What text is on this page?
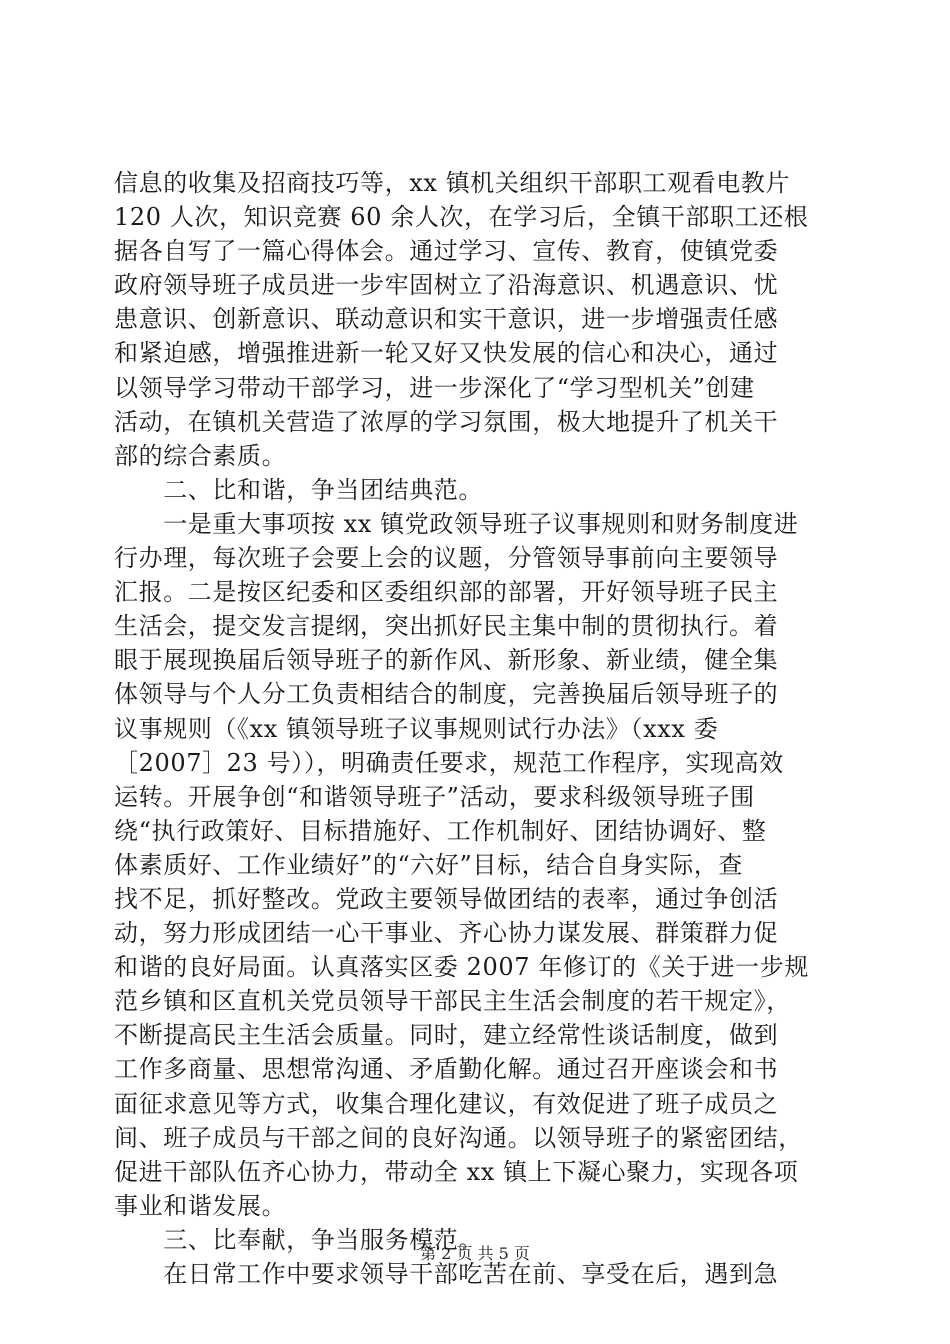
信息的收集及招商技巧等，xx 镇机关组织干部职工观看电教片
120 人次，知识竞赛 60 余人次，在学习后，全镇干部职工还根
据各自写了一篇心得体会。通过学习、宣传、教育，使镇党委
政府领导班子成员进一步牢固树立了沿海意识、机遇意识、忧
患意识、创新意识、联动意识和实干意识，进一步增强责任感
和紧迫感，增强推进新一轮又好又快发展的信心和决心，通过
以领导学习带动干部学习，进一步深化了“学习型机关”创建
活动，在镇机关营造了浓厚的学习氛围，极大地提升了机关干
部的综合素质。
　　二、比和谐，争当团结典范。
　　一是重大事项按 xx 镇党政领导班子议事规则和财务制度进
行办理，每次班子会要上会的议题，分管领导事前向主要领导
汇报。二是按区纪委和区委组织部的部署，开好领导班子民主
生活会，提交发言提纲，突出抓好民主集中制的贯彻执行。着
眼于展现换届后领导班子的新作风、新形象、新业绩，健全集
体领导与个人分工负责相结合的制度，完善换届后领导班子的
议事规则（《xx 镇领导班子议事规则试行办法》（xxx 委
［2007］23 号）），明确责任要求，规范工作程序，实现高效
运转。开展争创“和谐领导班子”活动，要求科级领导班子围
绕“执行政策好、目标措施好、工作机制好、团结协调好、整
体素质好、工作业绩好”的“六好”目标，结合自身实际，查
找不足，抓好整改。党政主要领导做团结的表率，通过争创活
动，努力形成团结一心干事业、齐心协力谋发展、群策群力促
和谐的良好局面。认真落实区委 2007 年修订的《关于进一步规
范乡镇和区直机关党员领导干部民主生活会制度的若干规定》，
不断提高民主生活会质量。同时，建立经常性谈话制度，做到
工作多商量、思想常沟通、矛盾勤化解。通过召开座谈会和书
面征求意见等方式，收集合理化建议，有效促进了班子成员之
间、班子成员与干部之间的良好沟通。以领导班子的紧密团结，
促进干部队伍齐心协力，带动全 xx 镇上下凝心聚力，实现各项
事业和谐发展。
　　三、比奉献，争当服务模范。
　　在日常工作中要求领导干部吃苦在前、享受在后，遇到急
第 2 页 共 5 页
